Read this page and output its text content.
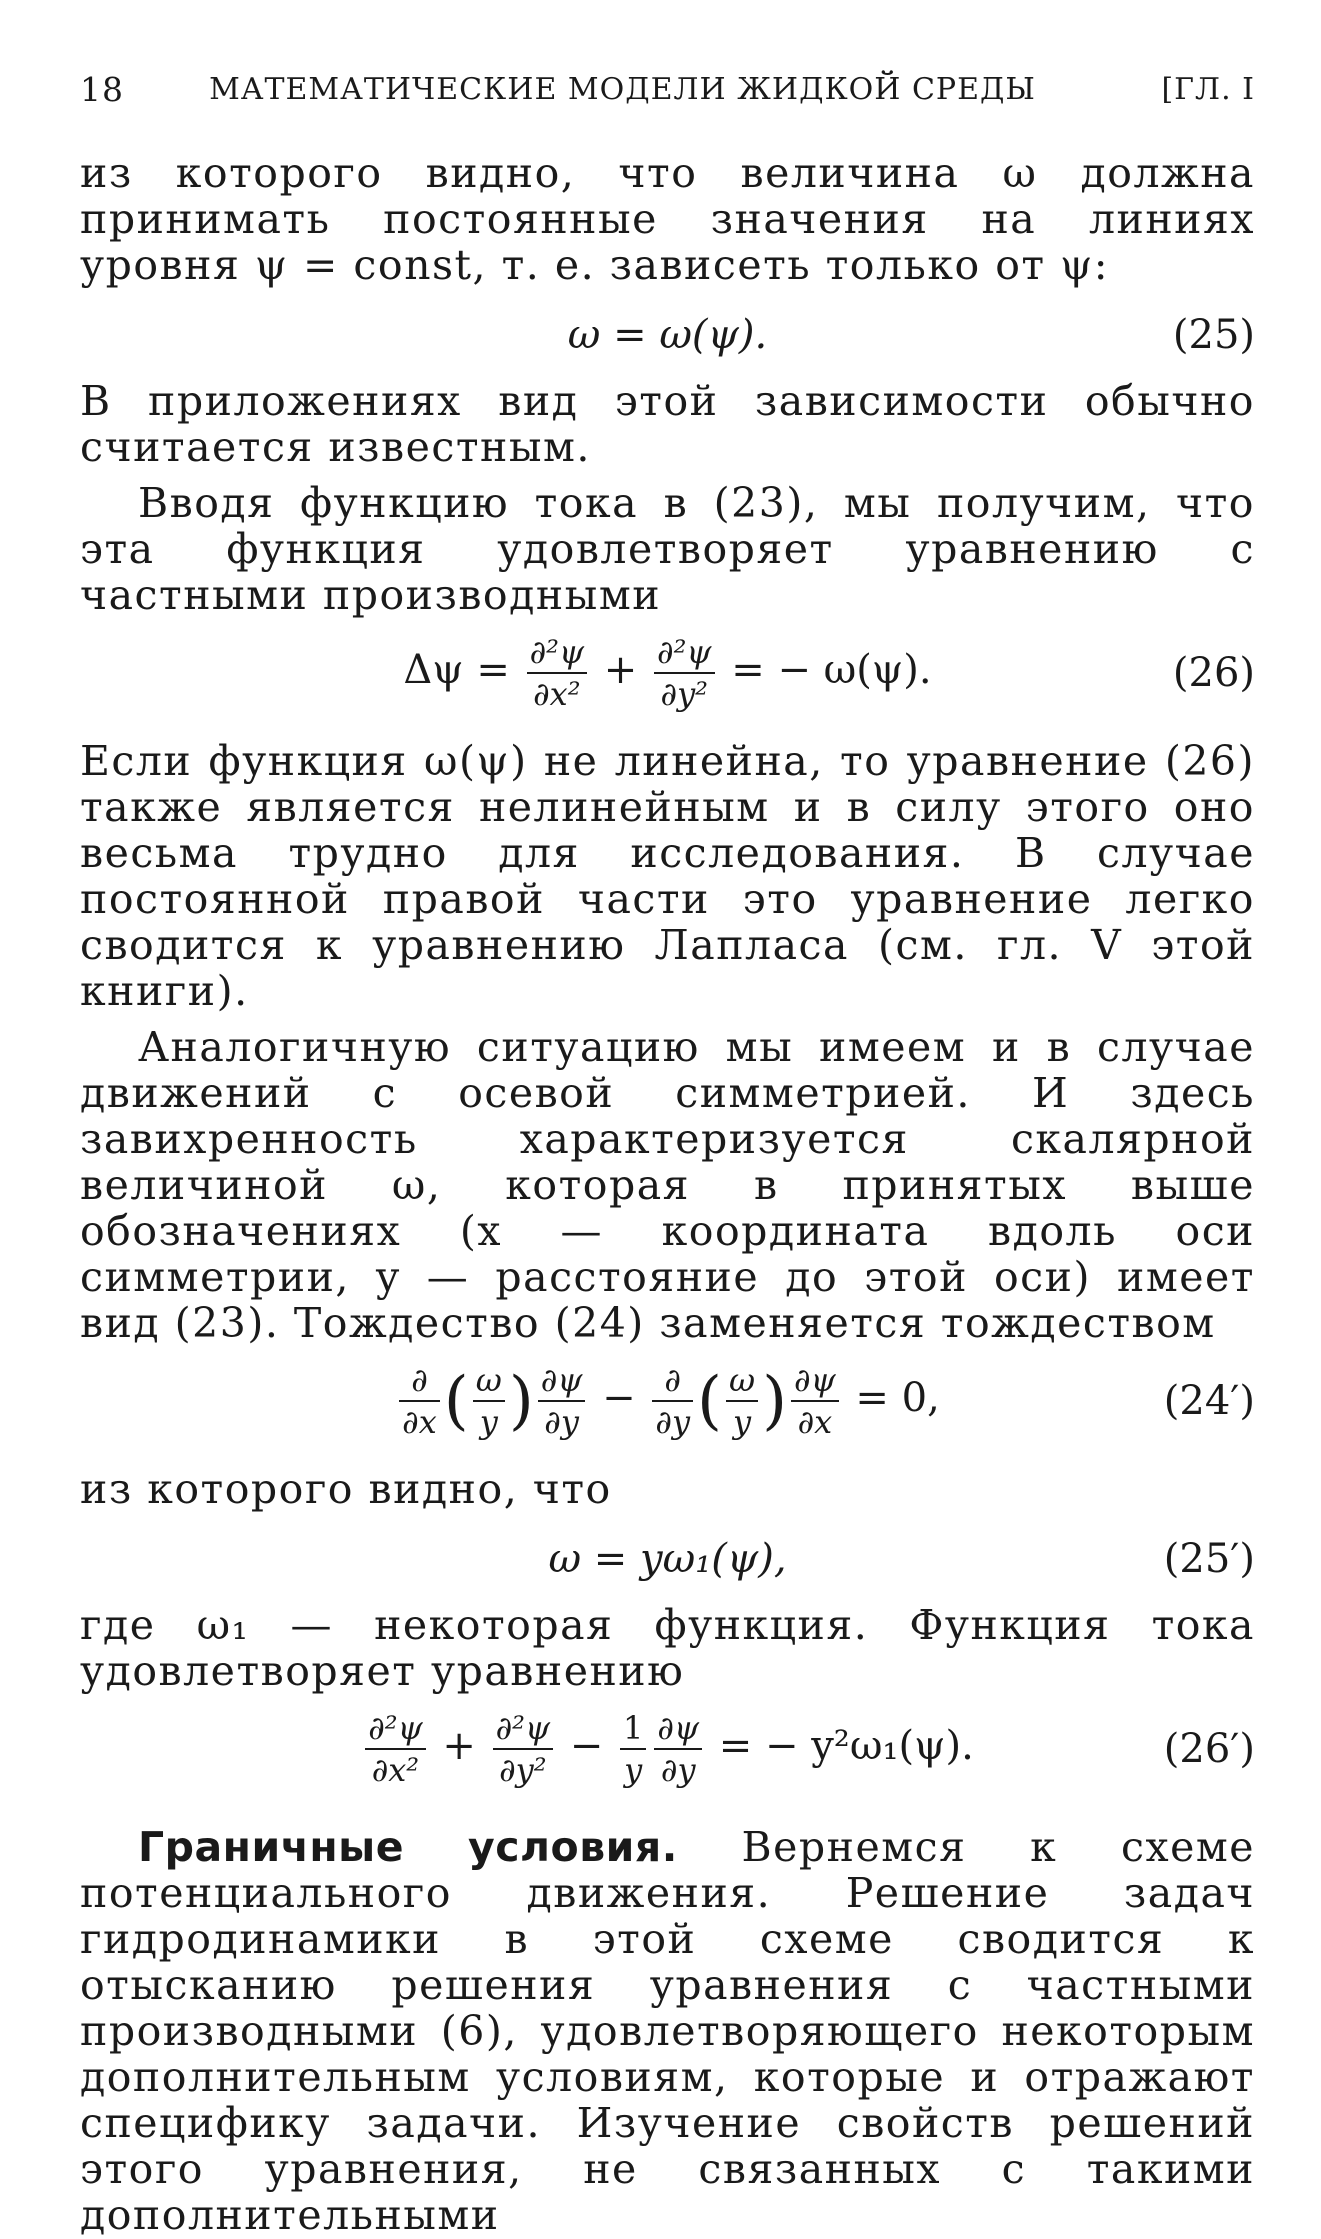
18	МАТЕМАТИЧЕСКИЕ МОДЕЛИ ЖИДКОЙ СРЕДЫ	[ГЛ. I

из которого видно, что величина ω должна принимать постоянные значения на линиях уровня ψ = const, т. е. зависеть только от ψ:

ω = ω(ψ).	(25)

В приложениях вид этой зависимости обычно считается известным.

Вводя функцию тока в (23), мы получим, что эта функция удовлетворяет уравнению с частными производными

$\Delta\psi = \frac{\text{∂²ψ}}{\text{∂x²}} + \frac{\text{∂²ψ}}{\text{∂y²}}$ = − ω(ψ).	(26)

Если функция ω(ψ) не линейна, то уравнение (26) также является нелинейным и в силу этого оно весьма трудно для исследования. В случае постоянной правой части это уравнение легко сводится к уравнению Лапласа (см. гл. V этой книги).

Аналогичную ситуацию мы имеем и в случае движений с осевой симметрией. И здесь завихренность характеризуется скалярной величиной ω, которая в принятых выше обозначениях (x — координата вдоль оси симметрии, y — расстояние до этой оси) имеет вид (23). Тождество (24) заменяется тождеством

$\frac{\partial}{\partial x}$ ( $\frac{\omega}{y}$ ) $\frac{\partial\psi}{\partial y} - \frac{\partial}{\partial y}$ ( $\frac{\omega}{y}$ ) $\frac{\partial\psi}{\partial x} = 0$,	(24′)

из которого видно, что

ω = yω₁(ψ),	(25′)

где ω₁ — некоторая функция. Функция тока удовлетворяет уравнению

$\frac{\text{∂²ψ}}{\text{∂x²}} + \frac{\text{∂²ψ}}{\text{∂y²}} - \frac{1}{y} \frac{\partial\psi}{\partial y}$ = − y²ω₁(ψ).	(26′)

Граничные условия. Вернемся к схеме потенциального движения. Решение задач гидродинамики в этой схеме сводится к отысканию решения уравнения с частными производными (6), удовлетворяющего некоторым дополнительным условиям, которые и отражают специфику задачи. Изучение свойств решений этого уравнения, не связанных с такими дополнительными
